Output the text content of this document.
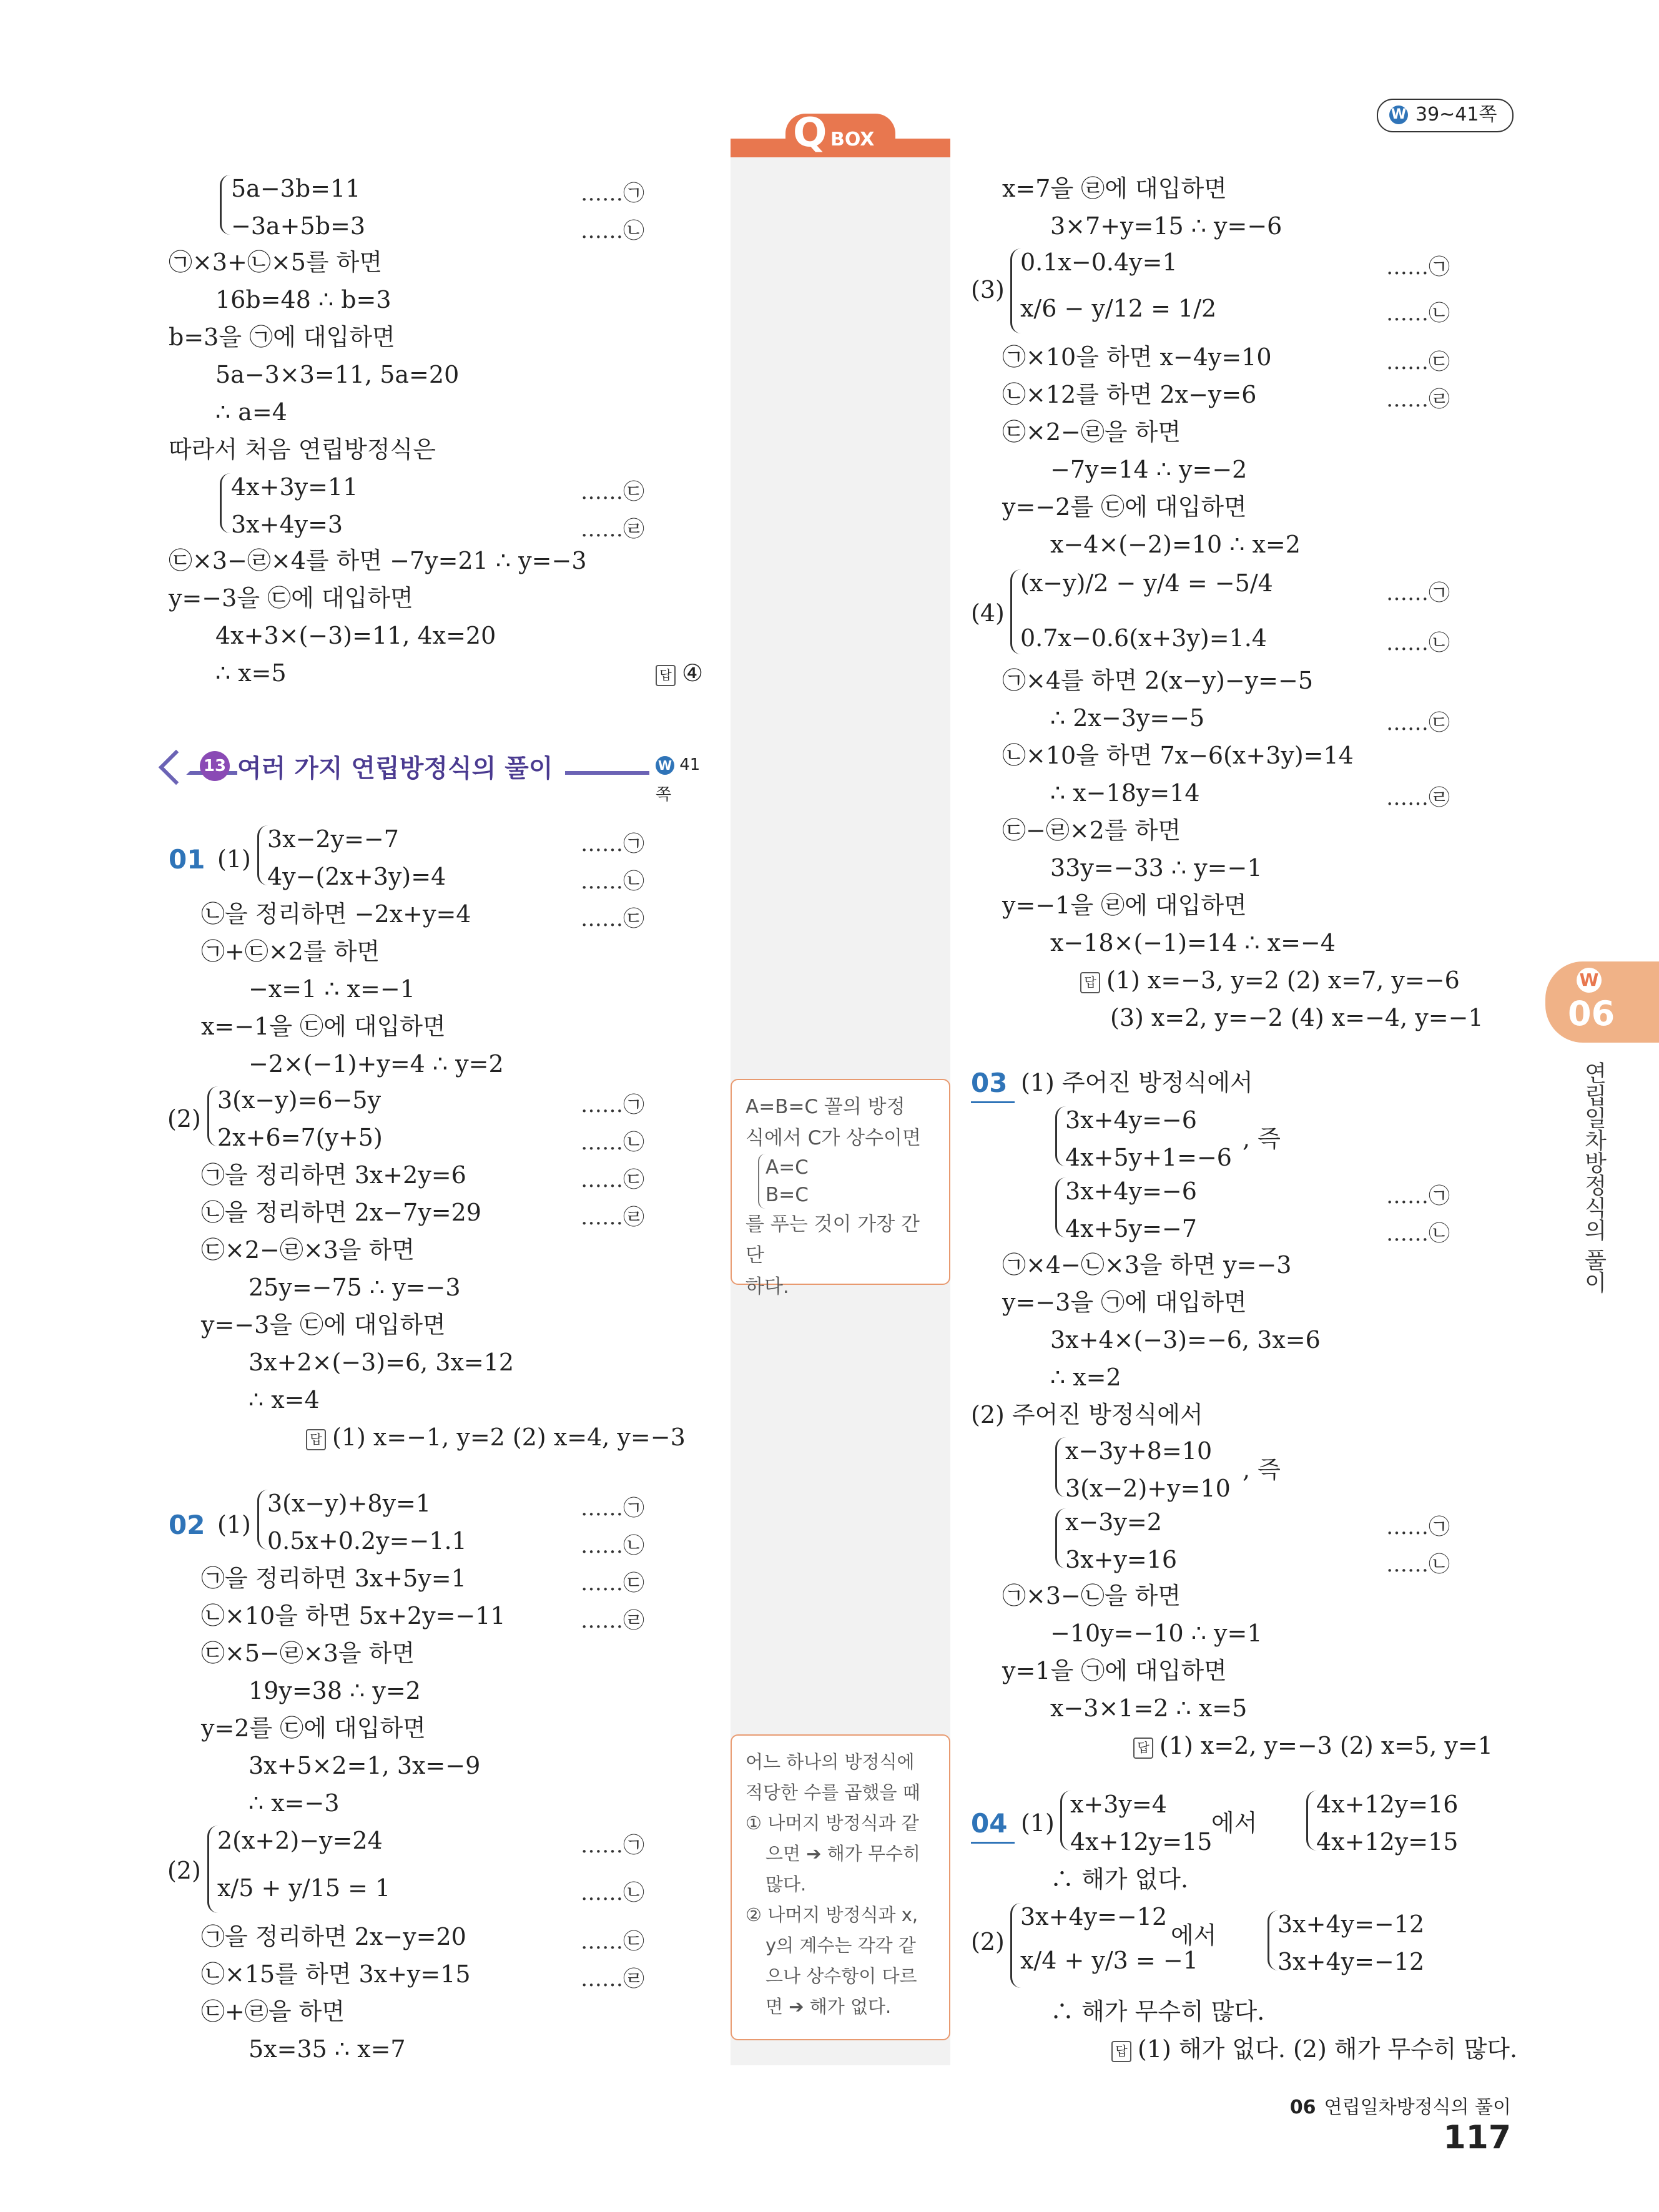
W 39~41쪽
Q BOX
5a−3b=11	……㉠
−3a+5b=3	……㉡
㉠×3+㉡×5를 하면
16b=48 ∴ b=3
b=3을 ㉠에 대입하면
5a−3×3=11, 5a=20
∴ a=4
따라서 처음 연립방정식은
4x+3y=11	……㉢
3x+4y=3	……㉣
㉢×3−㉣×4를 하면 −7y=21 ∴ y=−3
y=−3을 ㉢에 대입하면
4x+3×(−3)=11, 4x=20
∴ x=5	답 ④
13 여러 가지 연립방정식의 풀이	W 41쪽
01 (1)
3x−2y=−7	……㉠
4y−(2x+3y)=4	……㉡
㉡을 정리하면 −2x+y=4	……㉢
㉠+㉢×2를 하면
−x=1 ∴ x=−1
x=−1을 ㉢에 대입하면
−2×(−1)+y=4 ∴ y=2
(2)
3(x−y)=6−5y	……㉠
2x+6=7(y+5)	……㉡
㉠을 정리하면 3x+2y=6	……㉢
㉡을 정리하면 2x−7y=29	……㉣
㉢×2−㉣×3을 하면
25y=−75 ∴ y=−3
y=−3을 ㉢에 대입하면
3x+2×(−3)=6, 3x=12
∴ x=4
답 (1) x=−1, y=2 (2) x=4, y=−3
02 (1)
3(x−y)+8y=1	……㉠
0.5x+0.2y=−1.1	……㉡
㉠을 정리하면 3x+5y=1	……㉢
㉡×10을 하면 5x+2y=−11	……㉣
㉢×5−㉣×3을 하면
19y=38 ∴ y=2
y=2를 ㉢에 대입하면
3x+5×2=1, 3x=−9
∴ x=−3
(2)
2(x+2)−y=24	……㉠
x/5 + y/15 = 1	……㉡
㉠을 정리하면 2x−y=20	……㉢
㉡×15를 하면 3x+y=15	……㉣
㉢+㉣을 하면
5x=35 ∴ x=7
A=B=C 꼴의 방정
식에서 C가 상수이면
A=C
B=C
를 푸는 것이 가장 간단
하다.
어느 하나의 방정식에
적당한 수를 곱했을 때
① 나머지 방정식과 같
으면 ➔ 해가 무수히
많다.
② 나머지 방정식과 x,
y의 계수는 각각 같
으나 상수항이 다르
면 ➔ 해가 없다.
x=7을 ㉣에 대입하면
3×7+y=15 ∴ y=−6
(3)
0.1x−0.4y=1	……㉠
x/6 − y/12 = 1/2	……㉡
㉠×10을 하면 x−4y=10	……㉢
㉡×12를 하면 2x−y=6	……㉣
㉢×2−㉣을 하면
−7y=14 ∴ y=−2
y=−2를 ㉢에 대입하면
x−4×(−2)=10 ∴ x=2
(4)
(x−y)/2 − y/4 = −5/4	……㉠
0.7x−0.6(x+3y)=1.4	……㉡
㉠×4를 하면 2(x−y)−y=−5
∴ 2x−3y=−5	……㉢
㉡×10을 하면 7x−6(x+3y)=14
∴ x−18y=14	……㉣
㉢−㉣×2를 하면
33y=−33 ∴ y=−1
y=−1을 ㉣에 대입하면
x−18×(−1)=14 ∴ x=−4
답 (1) x=−3, y=2 (2) x=7, y=−6
(3) x=2, y=−2 (4) x=−4, y=−1
03 (1) 주어진 방정식에서
3x+4y=−6
4x+5y+1=−6
, 즉
3x+4y=−6	……㉠
4x+5y=−7	……㉡
㉠×4−㉡×3을 하면 y=−3
y=−3을 ㉠에 대입하면
3x+4×(−3)=−6, 3x=6
∴ x=2
(2) 주어진 방정식에서
x−3y+8=10
3(x−2)+y=10
, 즉
x−3y=2	……㉠
3x+y=16	……㉡
㉠×3−㉡을 하면
−10y=−10 ∴ y=1
y=1을 ㉠에 대입하면
x−3×1=2 ∴ x=5
답 (1) x=2, y=−3 (2) x=5, y=1
04 (1)
x+3y=4
4x+12y=15
에서
4x+12y=16
4x+12y=15
∴ 해가 없다.
(2)
3x+4y=−12
x/4 + y/3 = −1
에서	3x+4y=−12
3x+4y=−12
∴ 해가 무수히 많다.
답 (1) 해가 없다. (2) 해가 무수히 많다.
W
06
연립일차방정식의 풀이
06 연립일차방정식의 풀이 117
